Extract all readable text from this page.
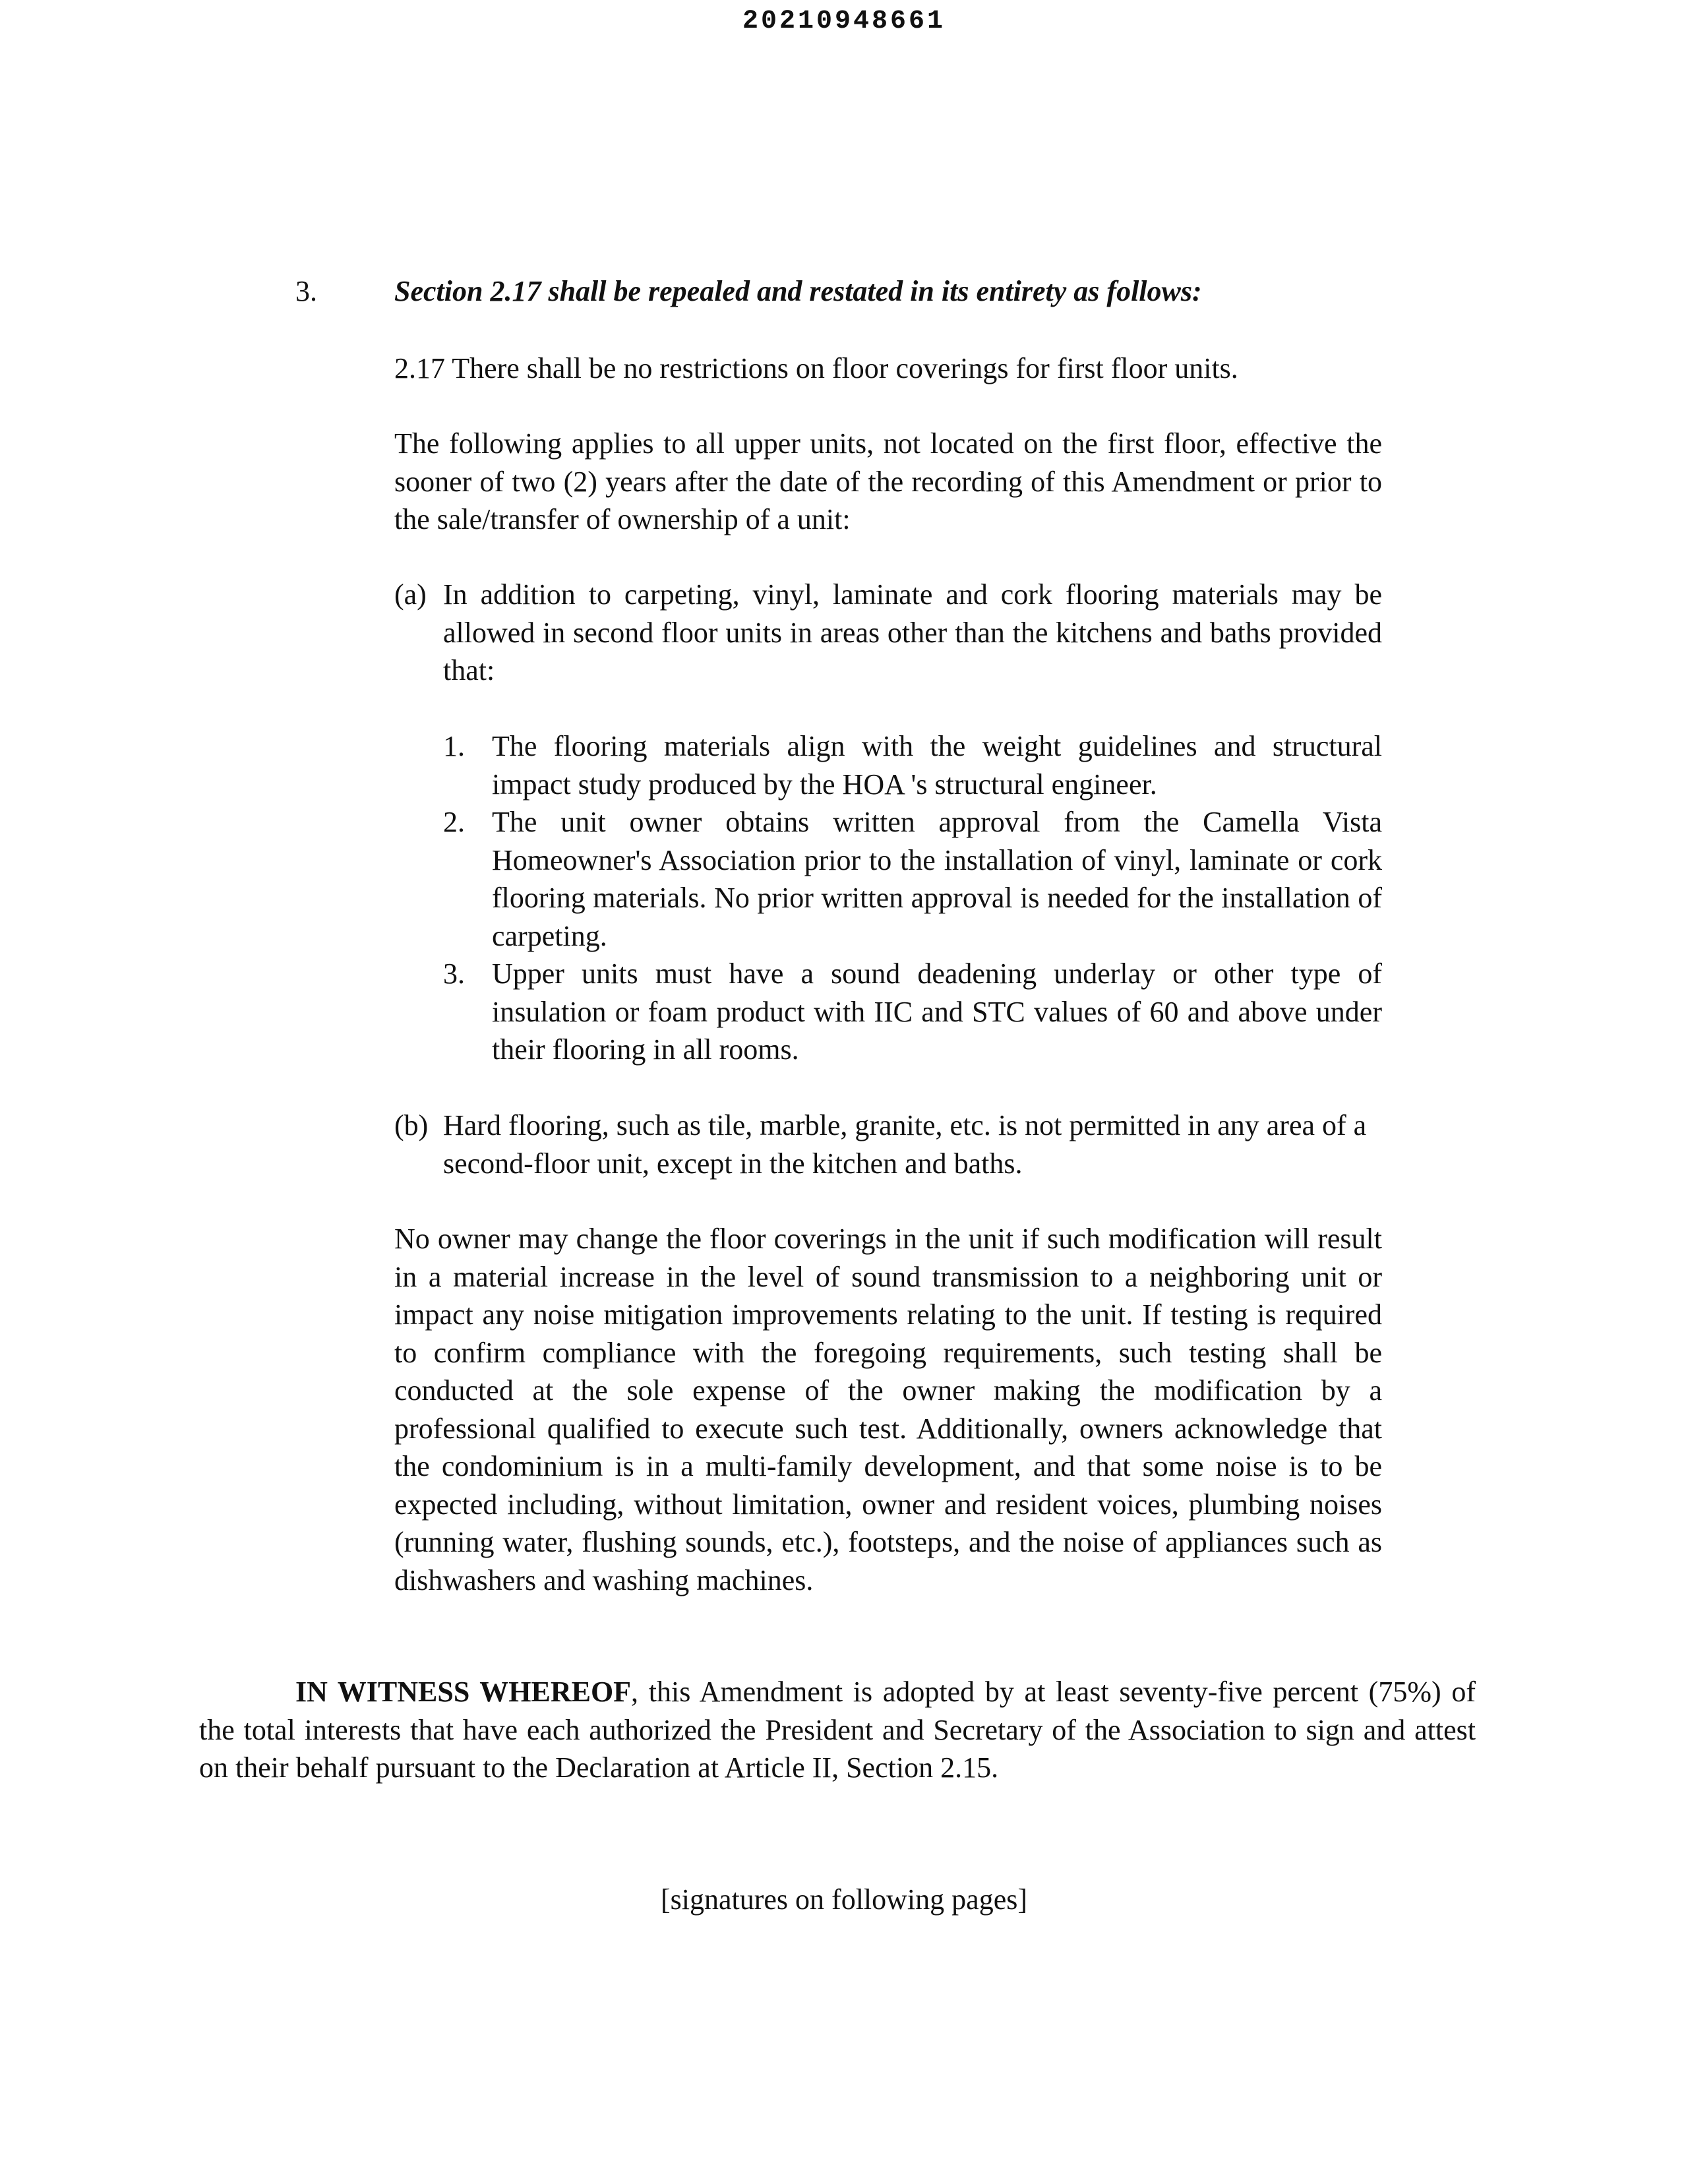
20210948661
3.	Section 2.17 shall be repealed and restated in its entirety as follows:
2.17 There shall be no restrictions on floor coverings for first floor units.
The following applies to all upper units, not located on the first floor, effective the sooner of two (2) years after the date of the recording of this Amendment or prior to the sale/transfer of ownership of a unit:
(a) In addition to carpeting, vinyl, laminate and cork flooring materials may be allowed in second floor units in areas other than the kitchens and baths provided that:
1. The flooring materials align with the weight guidelines and structural impact study produced by the HOA 's structural engineer.
2. The unit owner obtains written approval from the Camella Vista Homeowner's Association prior to the installation of vinyl, laminate or cork flooring materials. No prior written approval is needed for the installation of carpeting.
3. Upper units must have a sound deadening underlay or other type of insulation or foam product with IIC and STC values of 60 and above under their flooring in all rooms.
(b) Hard flooring, such as tile, marble, granite, etc. is not permitted in any area of a second-floor unit, except in the kitchen and baths.
No owner may change the floor coverings in the unit if such modification will result in a material increase in the level of sound transmission to a neighboring unit or impact any noise mitigation improvements relating to the unit. If testing is required to confirm compliance with the foregoing requirements, such testing shall be conducted at the sole expense of the owner making the modification by a professional qualified to execute such test. Additionally, owners acknowledge that the condominium is in a multi-family development, and that some noise is to be expected including, without limitation, owner and resident voices, plumbing noises (running water, flushing sounds, etc.), footsteps, and the noise of appliances such as dishwashers and washing machines.
IN WITNESS WHEREOF, this Amendment is adopted by at least seventy-five percent (75%) of the total interests that have each authorized the President and Secretary of the Association to sign and attest on their behalf pursuant to the Declaration at Article II, Section 2.15.
[signatures on following pages]
